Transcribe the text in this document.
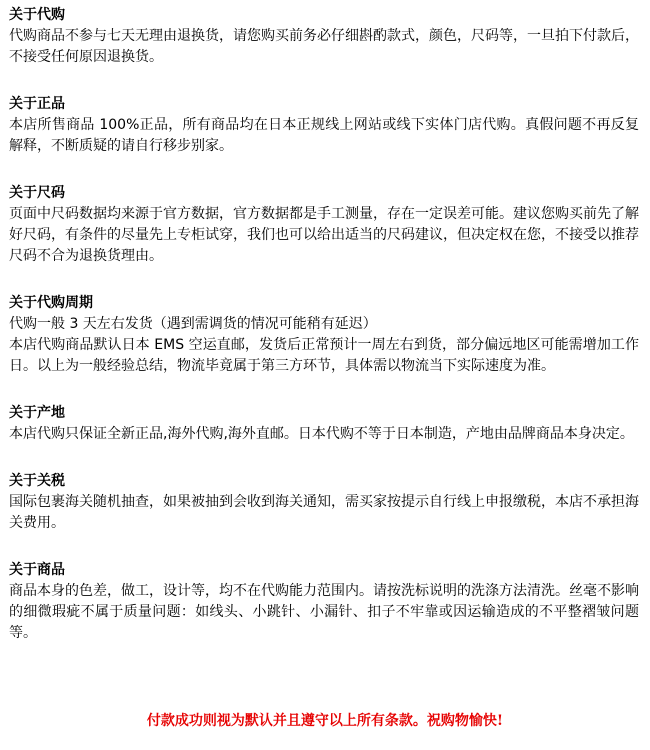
关于代购
代购商品不参与七天无理由退换货，请您购买前务必仔细斟酌款式，颜色，尺码等，一旦拍下付款后，不接受任何原因退换货。
关于正品
本店所售商品 100%正品，所有商品均在日本正规线上网站或线下实体门店代购。真假问题不再反复解释，不断质疑的请自行移步别家。
关于尺码
页面中尺码数据均来源于官方数据，官方数据都是手工测量，存在一定误差可能。建议您购买前先了解好尺码，有条件的尽量先上专柜试穿，我们也可以给出适当的尺码建议，但决定权在您，不接受以推荐尺码不合为退换货理由。
关于代购周期
代购一般 3 天左右发货（遇到需调货的情况可能稍有延迟）
本店代购商品默认日本 EMS 空运直邮，发货后正常预计一周左右到货，部分偏远地区可能需增加工作日。以上为一般经验总结，物流毕竟属于第三方环节，具体需以物流当下实际速度为准。
关于产地
本店代购只保证全新正品,海外代购,海外直邮。日本代购不等于日本制造，产地由品牌商品本身决定。
关于关税
国际包裹海关随机抽查，如果被抽到会收到海关通知，需买家按提示自行线上申报缴税，本店不承担海关费用。
关于商品
商品本身的色差，做工，设计等，均不在代购能力范围内。请按洗标说明的洗涤方法清洗。丝毫不影响的细微瑕疵不属于质量问题：如线头、小跳针、小漏针、扣子不牢靠或因运输造成的不平整褶皱问题等。
付款成功则视为默认并且遵守以上所有条款。祝购物愉快!
